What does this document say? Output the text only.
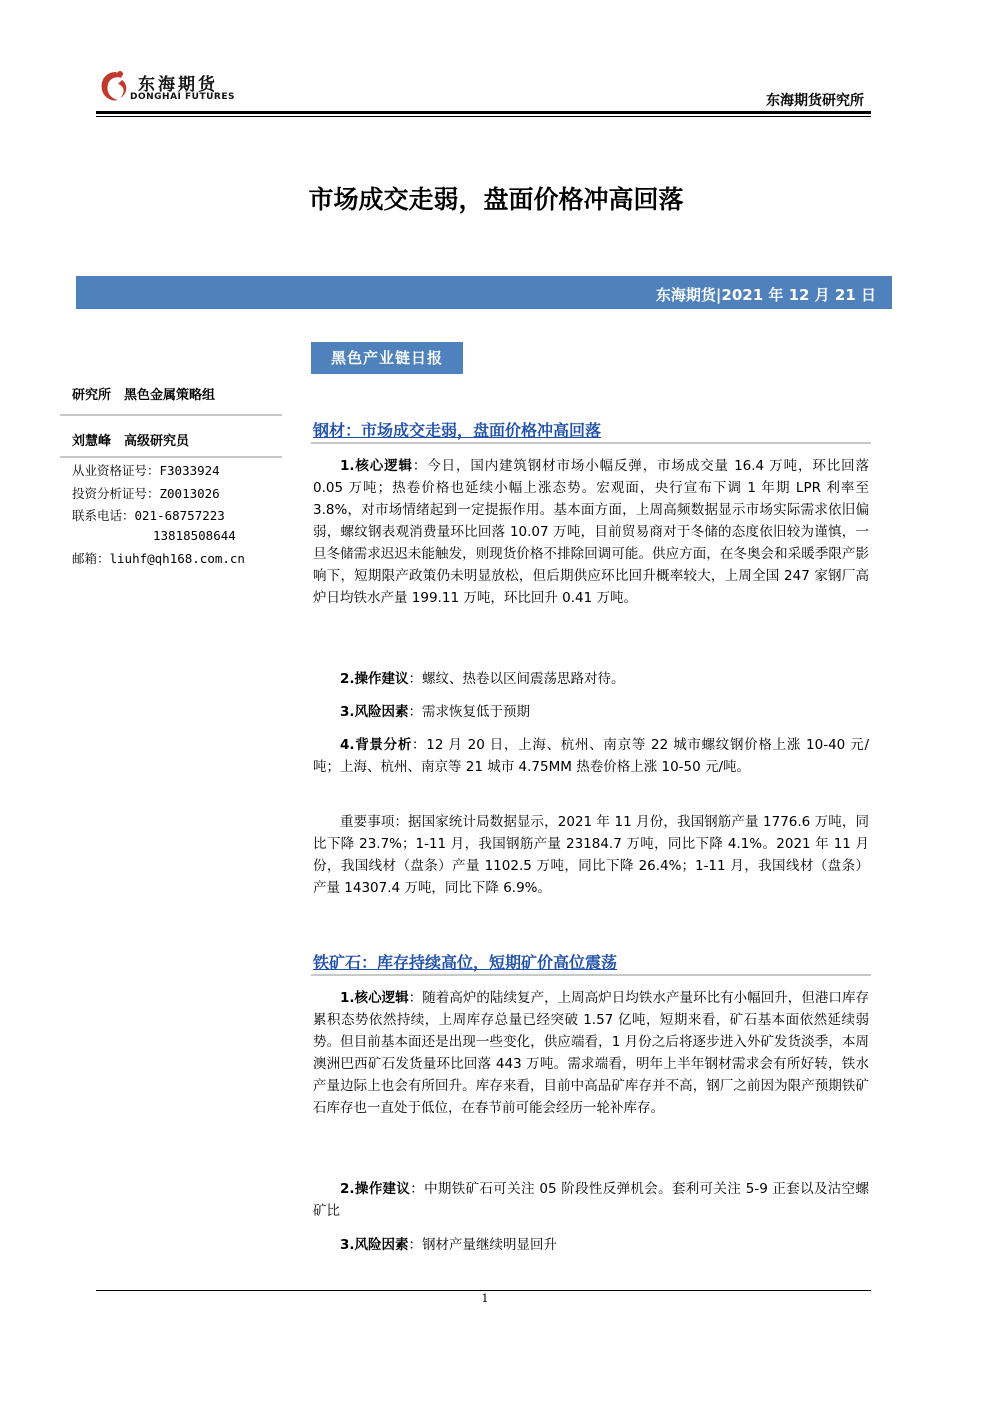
东海期货
DONGHAI FUTURES	东海期货研究所
市场成交走弱，盘面价格冲高回落
东海期货|2021 年 12 月 21 日
黑色产业链日报
研究所　黑色金属策略组
刘慧峰　高级研究员
从业资格证号：F3033924
投资分析证号：Z0013026
联系电话：021-68757223
13818508644
邮箱：liuhf@qh168.com.cn
钢材：市场成交走弱，盘面价格冲高回落
1.核心逻辑：今日，国内建筑钢材市场小幅反弹，市场成交量 16.4 万吨，环比回落 0.05 万吨；热卷价格也延续小幅上涨态势。宏观面，央行宣布下调 1 年期 LPR 利率至 3.8%，对市场情绪起到一定提振作用。基本面方面，上周高频数据显示市场实际需求依旧偏弱，螺纹钢表观消费量环比回落 10.07 万吨，目前贸易商对于冬储的态度依旧较为谨慎，一旦冬储需求迟迟未能触发，则现货价格不排除回调可能。供应方面，在冬奥会和采暖季限产影响下，短期限产政策仍未明显放松，但后期供应环比回升概率较大，上周全国 247 家钢厂高炉日均铁水产量 199.11 万吨，环比回升 0.41 万吨。
2.操作建议：螺纹、热卷以区间震荡思路对待。
3.风险因素：需求恢复低于预期
4.背景分析：12 月 20 日，上海、杭州、南京等 22 城市螺纹钢价格上涨 10-40 元/吨；上海、杭州、南京等 21 城市 4.75MM 热卷价格上涨 10-50 元/吨。
重要事项：据国家统计局数据显示，2021 年 11 月份，我国钢筋产量 1776.6 万吨，同比下降 23.7%；1-11 月，我国钢筋产量 23184.7 万吨，同比下降 4.1%。2021 年 11 月份，我国线材（盘条）产量 1102.5 万吨，同比下降 26.4%；1-11 月，我国线材（盘条）产量 14307.4 万吨，同比下降 6.9%。
铁矿石：库存持续高位，短期矿价高位震荡
1.核心逻辑：随着高炉的陆续复产，上周高炉日均铁水产量环比有小幅回升，但港口库存累积态势依然持续，上周库存总量已经突破 1.57 亿吨，短期来看，矿石基本面依然延续弱势。但目前基本面还是出现一些变化，供应端看，1 月份之后将逐步进入外矿发货淡季，本周澳洲巴西矿石发货量环比回落 443 万吨。需求端看，明年上半年钢材需求会有所好转，铁水产量边际上也会有所回升。库存来看，目前中高品矿库存并不高，钢厂之前因为限产预期铁矿石库存也一直处于低位，在春节前可能会经历一轮补库存。
2.操作建议：中期铁矿石可关注 05 阶段性反弹机会。套利可关注 5-9 正套以及沽空螺矿比
3.风险因素：钢材产量继续明显回升
1
